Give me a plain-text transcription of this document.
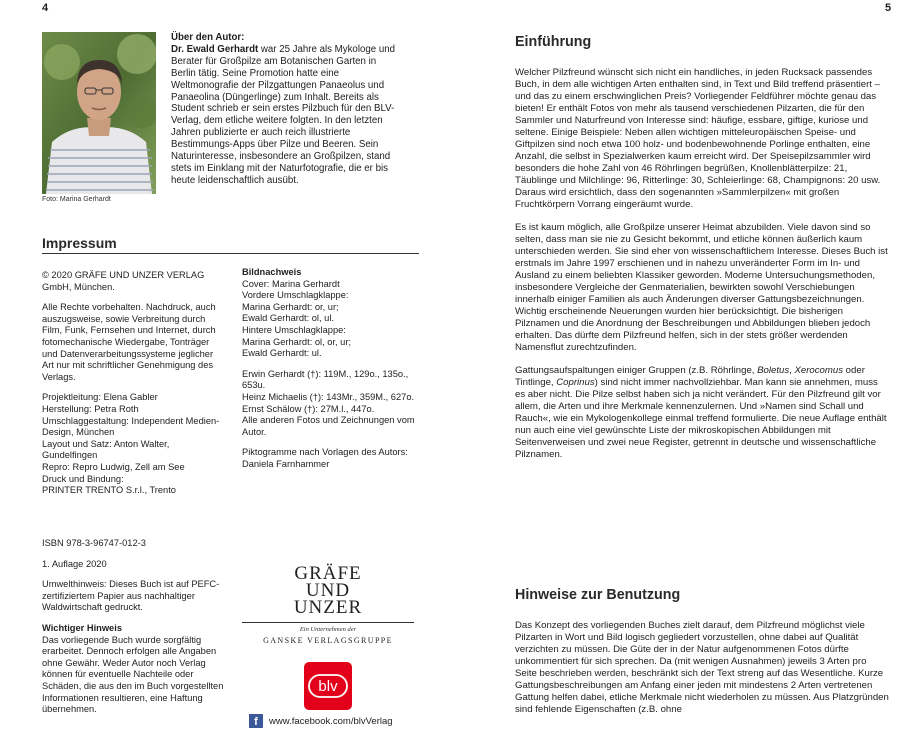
4
Foto: Marina Gerhardt
Über den Autor:
Dr. Ewald Gerhardt war 25 Jahre als Mykologe und Berater für Großpilze am Botanischen Garten in Berlin tätig. Seine Promotion hatte eine Weltmonografie der Pilzgattungen Panaeolus und Panaeolina (Düngerlinge) zum Inhalt. Bereits als Student schrieb er sein erstes Pilzbuch für den BLV-Verlag, dem etliche weitere folgten. In den letzten Jahren publizierte er auch reich illustrierte Bestimmungs-Apps über Pilze und Beeren. Sein Naturinteresse, insbesondere an Großpilzen, stand stets im Einklang mit der Naturfotografie, die er bis heute leidenschaftlich ausübt.
Impressum

© 2020 GRÄFE UND UNZER VERLAG GmbH, München.

Alle Rechte vorbehalten. Nachdruck, auch auszugsweise, sowie Verbreitung durch Film, Funk, Fernsehen und Internet, durch fotomechanische Wiedergabe, Tonträger und Datenverarbeitungssysteme jeglicher Art nur mit schriftlicher Genehmigung des Verlags.

Projektleitung: Elena Gabler

Herstellung: Petra Roth

Umschlaggestaltung: Independent Medien-Design, München

Layout und Satz: Anton Walter, Gundelfingen

Repro: Repro Ludwig, Zell am See

Druck und Bindung:

PRINTER TRENTO S.r.l., Trento

ISBN 978-3-96747-012-3

1. Auflage 2020

Umwelthinweis: Dieses Buch ist auf PEFC-zertifiziertem Papier aus nachhaltiger Waldwirtschaft gedruckt.

Wichtiger Hinweis

Das vorliegende Buch wurde sorgfältig erarbeitet. Dennoch erfolgen alle Angaben ohne Gewähr. Weder Autor noch Verlag können für eventuelle Nachteile oder Schäden, die aus den im Buch vorgestellten Informationen resultieren, eine Haftung übernehmen.

Bildnachweis

Cover: Marina Gerhardt

Vordere Umschlagklappe:

Marina Gerhardt: or, ur;

Ewald Gerhardt: ol, ul.

Hintere Umschlagklappe:

Marina Gerhardt: ol, or, ur;

Ewald Gerhardt: ul.

Erwin Gerhardt (†): 119M., 129o., 135o., 653u.

Heinz Michaelis (†): 143Mr., 359M., 627o.

Ernst Schälow (†): 27M.l., 447o.

Alle anderen Fotos und Zeichnungen vom Autor.

Piktogramme nach Vorlagen des Autors: Daniela Farnhammer

GRÄFE
UND
UNZER
Ein Unternehmen der
GANSKE VERLAGSGRUPPE
blv
f	www.facebook.com/blvVerlag
5
Einführung

Welcher Pilzfreund wünscht sich nicht ein handliches, in jeden Rucksack passendes Buch, in dem alle wichtigen Arten enthalten sind, in Text und Bild treffend präsentiert – und das zu einem erschwinglichen Preis? Vorliegender Feldführer möchte genau das bieten! Er enthält Fotos von mehr als tausend verschiedenen Pilzarten, die für den Sammler und Naturfreund von Interesse sind: häufige, essbare, giftige, kuriose und seltene. Einige Beispiele: Neben allen wichtigen mitteleuropäischen Speise- und Giftpilzen sind noch etwa 100 holz- und bodenbewohnende Porlinge enthalten, eine Anzahl, die selbst in Spezialwerken kaum erreicht wird. Der Speisepilzsammler wird besonders die hohe Zahl von 46 Röhrlingen begrüßen, Knollenblätterpilze: 21, Täublinge und Milchlinge: 96, Ritterlinge: 30, Schleierlinge: 68, Champignons: 20 usw. Daraus wird ersichtlich, dass den sogenannten »Sammlerpilzen« mit großen Fruchtkörpern Vorrang eingeräumt wurde.

Es ist kaum möglich, alle Großpilze unserer Heimat abzubilden. Viele davon sind so selten, dass man sie nie zu Gesicht bekommt, und etliche können äußerlich kaum unterschieden werden. Sie sind eher von wissenschaftlichem Interesse. Dieses Buch ist erstmals im Jahre 1997 erschienen und in nahezu unveränderter Form im In- und Ausland zu einem beliebten Klassiker geworden. Moderne Untersuchungsmethoden, insbesondere Vergleiche der Genmaterialien, bewirkten sowohl Verschiebungen innerhalb einiger Familien als auch Änderungen diverser Gattungsbezeichnungen. Wichtig erscheinende Neuerungen wurden hier berücksichtigt. Die bisherigen Pilznamen und die Anordnung der Beschreibungen und Abbildungen blieben jedoch erhalten. Das dürfte dem Pilzfreund helfen, sich in der stets größer werdenden Namensflut zurechtzufinden.

Gattungsaufspaltungen einiger Gruppen (z.B. Röhrlinge, Boletus, Xerocomus oder Tintlinge, Coprinus) sind nicht immer nachvollziehbar. Man kann sie annehmen, muss es aber nicht. Die Pilze selbst haben sich ja nicht verändert. Für den Pilzfreund gilt vor allem, die Arten und ihre Merkmale kennenzulernen. Und »Namen sind Schall und Rauch«, wie ein Mykologenkollege einmal treffend formulierte. Die neue Auflage enthält nun auch eine viel gewünschte Liste der mikroskopischen Abbildungen mit Seitenverweisen und zwei neue Register, getrennt in deutsche und wissenschaftliche Pilznamen.

Hinweise zur Benutzung

Das Konzept des vorliegenden Buches zielt darauf, dem Pilzfreund möglichst viele Pilzarten in Wort und Bild logisch gegliedert vorzustellen, ohne dabei auf Qualität verzichten zu müssen. Die Güte der in der Natur aufgenommenen Fotos dürfte unkommentiert für sich sprechen. Da (mit wenigen Ausnahmen) jeweils 3 Arten pro Seite beschrieben werden, beschränkt sich der Text streng auf das Wesentliche. Kurze Gattungsbeschreibungen am Anfang einer jeden mit mindestens 2 Arten vertretenen Gattung helfen dabei, etliche Merkmale nicht wiederholen zu müssen. Aus Platzgründen sind fehlende Eigenschaften (z.B. ohne
